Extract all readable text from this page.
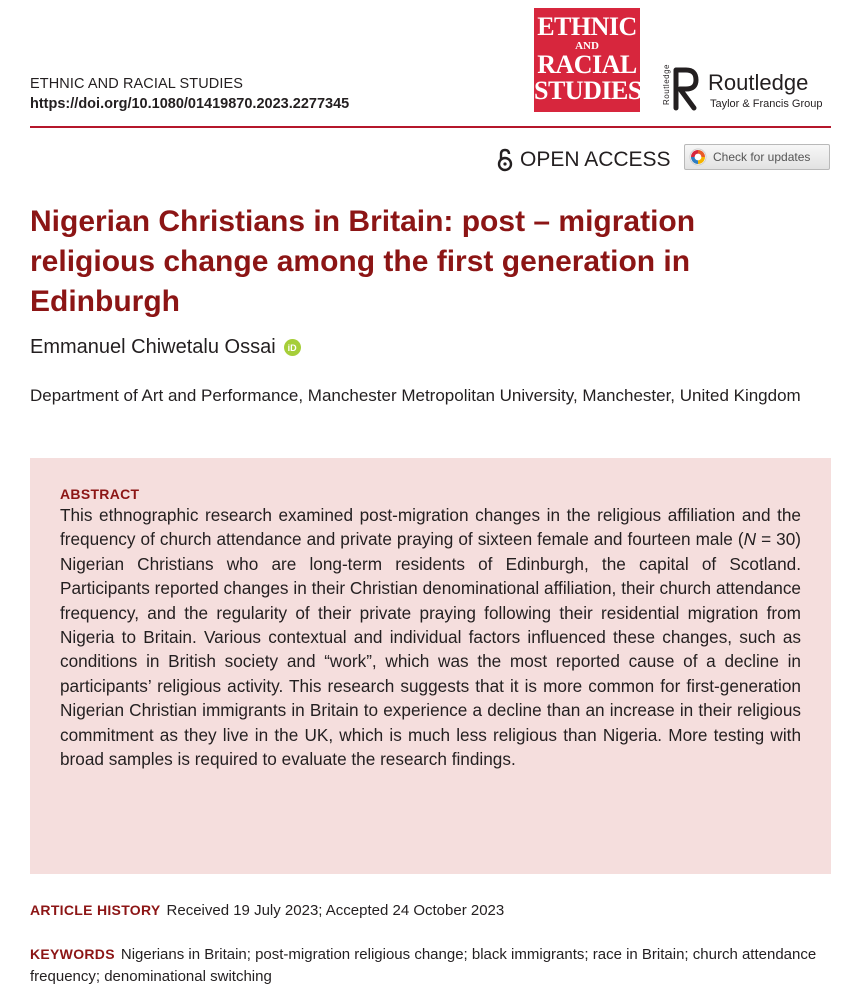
ETHNIC AND RACIAL STUDIES
https://doi.org/10.1080/01419870.2023.2277345
ETHNIC
AND
RACIAL
STUDIES	Routledge Routledge
Taylor & Francis Group
OPEN ACCESS	Check for updates
Nigerian Christians in Britain: post – migration religious change among the first generation in Edinburgh
Emmanuel Chiwetalu Ossai	iD
Department of Art and Performance, Manchester Metropolitan University, Manchester, United Kingdom
ABSTRACT
This ethnographic research examined post-migration changes in the religious affiliation and the frequency of church attendance and private praying of sixteen female and fourteen male (N = 30) Nigerian Christians who are long-term residents of Edinburgh, the capital of Scotland. Participants reported changes in their Christian denominational affiliation, their church attendance frequency, and the regularity of their private praying following their residential migration from Nigeria to Britain. Various contextual and individual factors influenced these changes, such as conditions in British society and “work”, which was the most reported cause of a decline in participants’ religious activity. This research suggests that it is more common for first-generation Nigerian Christian immigrants in Britain to experience a decline than an increase in their religious commitment as they live in the UK, which is much less religious than Nigeria. More testing with broad samples is required to evaluate the research findings.
ARTICLE HISTORY Received 19 July 2023; Accepted 24 October 2023
KEYWORDS Nigerians in Britain; post-migration religious change; black immigrants; race in Britain; church attendance frequency; denominational switching
